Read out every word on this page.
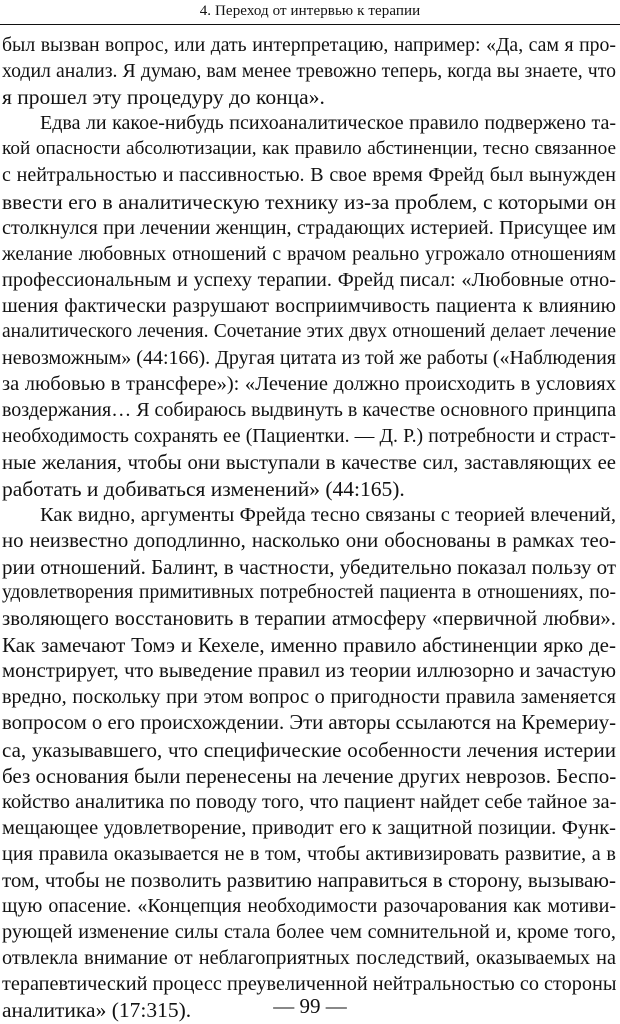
4. Переход от интервью к терапии
был вызван вопрос, или дать интерпретацию, например: «Да, сам я про-
ходил анализ. Я думаю, вам менее тревожно теперь, когда вы знаете, что
я прошел эту процедуру до конца».
Едва ли какое-нибудь психоаналитическое правило подвержено та-
кой опасности абсолютизации, как правило абстиненции, тесно связанное
с нейтральностью и пассивностью. В свое время Фрейд был вынужден
ввести его в аналитическую технику из-за проблем, с которыми он
столкнулся при лечении женщин, страдающих истерией. Присущее им
желание любовных отношений с врачом реально угрожало отношениям
профессиональным и успеху терапии. Фрейд писал: «Любовные отно-
шения фактически разрушают восприимчивость пациента к влиянию
аналитического лечения. Сочетание этих двух отношений делает лечение
невозможным» (44:166). Другая цитата из той же работы («Наблюдения
за любовью в трансфере»): «Лечение должно происходить в условиях
воздержания… Я собираюсь выдвинуть в качестве основного принципа
необходимость сохранять ее (Пациентки. — Д. Р.) потребности и страст-
ные желания, чтобы они выступали в качестве сил, заставляющих ее
работать и добиваться изменений» (44:165).
Как видно, аргументы Фрейда тесно связаны с теорией влечений,
но неизвестно доподлинно, насколько они обоснованы в рамках тео-
рии отношений. Балинт, в частности, убедительно показал пользу от
удовлетворения примитивных потребностей пациента в отношениях, по-
зволяющего восстановить в терапии атмосферу «первичной любви».
Как замечают Томэ и Кехеле, именно правило абстиненции ярко де-
монстрирует, что выведение правил из теории иллюзорно и зачастую
вредно, поскольку при этом вопрос о пригодности правила заменяется
вопросом о его происхождении. Эти авторы ссылаются на Кремериу-
са, указывавшего, что специфические особенности лечения истерии
без основания были перенесены на лечение других неврозов. Беспо-
койство аналитика по поводу того, что пациент найдет себе тайное за-
мещающее удовлетворение, приводит его к защитной позиции. Функ-
ция правила оказывается не в том, чтобы активизировать развитие, а в
том, чтобы не позволить развитию направиться в сторону, вызываю-
щую опасение. «Концепция необходимости разочарования как мотиви-
рующей изменение силы стала более чем сомнительной и, кроме того,
отвлекла внимание от неблагоприятных последствий, оказываемых на
терапевтический процесс преувеличенной нейтральностью со стороны
аналитика» (17:315).	— 99 —
